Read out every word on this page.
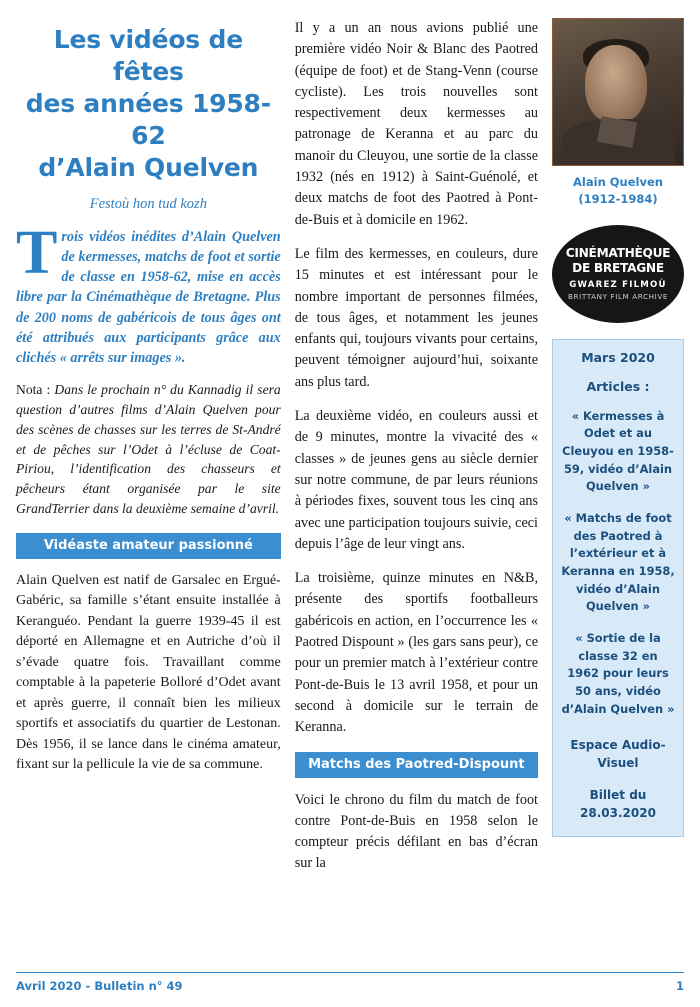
Les vidéos de fêtes
des années 1958-62
d’Alain Quelven
Festoù hon tud kozh

Trois vidéos inédites d’Alain Quelven de kermesses, matchs de foot et sortie de classe en 1958-62, mise en accès libre par la Cinémathèque de Bretagne. Plus de 200 noms de gabéricois de tous âges ont été attribués aux participants grâce aux clichés « arrêts sur images ».

Nota : Dans le prochain n° du Kannadig il sera question d’autres films d’Alain Quelven pour des scènes de chasses sur les terres de St-André et de pêches sur l’Odet à l’écluse de Coat-Piriou, l’identification des chasseurs et pêcheurs étant organisée par le site GrandTerrier dans la deuxième semaine d’avril.

Vidéaste amateur passionné

Alain Quelven est natif de Garsalec en Ergué-Gabéric, sa famille s’étant ensuite installée à Keranguéo. Pendant la guerre 1939-45 il est déporté en Allemagne et en Autriche d’où il s’évade quatre fois. Travaillant comme comptable à la papeterie Bolloré d’Odet avant et après guerre, il connaît bien les milieux sportifs et associatifs du quartier de Lestonan. Dès 1956, il se lance dans le cinéma amateur, fixant sur la pellicule la vie de sa commune.

Il y a un an nous avions publié une première vidéo Noir & Blanc des Paotred (équipe de foot) et de Stang-Venn (course cycliste). Les trois nouvelles sont respectivement deux kermesses au patronage de Keranna et au parc du manoir du Cleuyou, une sortie de la classe 1932 (nés en 1912) à Saint-Guénolé, et deux matchs de foot des Paotred à Pont-de-Buis et à domicile en 1962.

Le film des kermesses, en couleurs, dure 15 minutes et est intéressant pour le nombre important de personnes filmées, de tous âges, et notamment les jeunes enfants qui, toujours vivants pour certains, peuvent témoigner aujourd’hui, soixante ans plus tard.

La deuxième vidéo, en couleurs aussi et de 9 minutes, montre la vivacité des « classes » de jeunes gens au siècle dernier sur notre commune, de par leurs réunions à périodes fixes, souvent tous les cinq ans avec une participation toujours suivie, ceci depuis l’âge de leur vingt ans.

La troisième, quinze minutes en N&B, présente des sportifs footballeurs gabéricois en action, en l’occurrence les « Paotred Dispount » (les gars sans peur), ce pour un premier match à l’extérieur contre Pont-de-Buis le 13 avril 1958, et pour un second à domicile sur le terrain de Keranna.

Matchs des Paotred-Dispount

Voici le chrono du film du match de foot contre Pont-de-Buis en 1958 selon le compteur précis défilant en bas d’écran sur la

Alain Quelven
(1912-1984)
CINÉMATHÈQUE
DE BRETAGNE
GWAREZ FILMOÙ
BRITTANY FILM ARCHIVE
Mars 2020
Articles :
« Kermesses à Odet et au Cleuyou en 1958-59, vidéo d’Alain Quelven »
« Matchs de foot des Paotred à l’extérieur et à Keranna en 1958, vidéo d’Alain Quelven »
« Sortie de la classe 32 en 1962 pour leurs 50 ans, vidéo d’Alain Quelven »
Espace Audio-Visuel
Billet du 28.03.2020
Avril 2020 - Bulletin n° 49	1
